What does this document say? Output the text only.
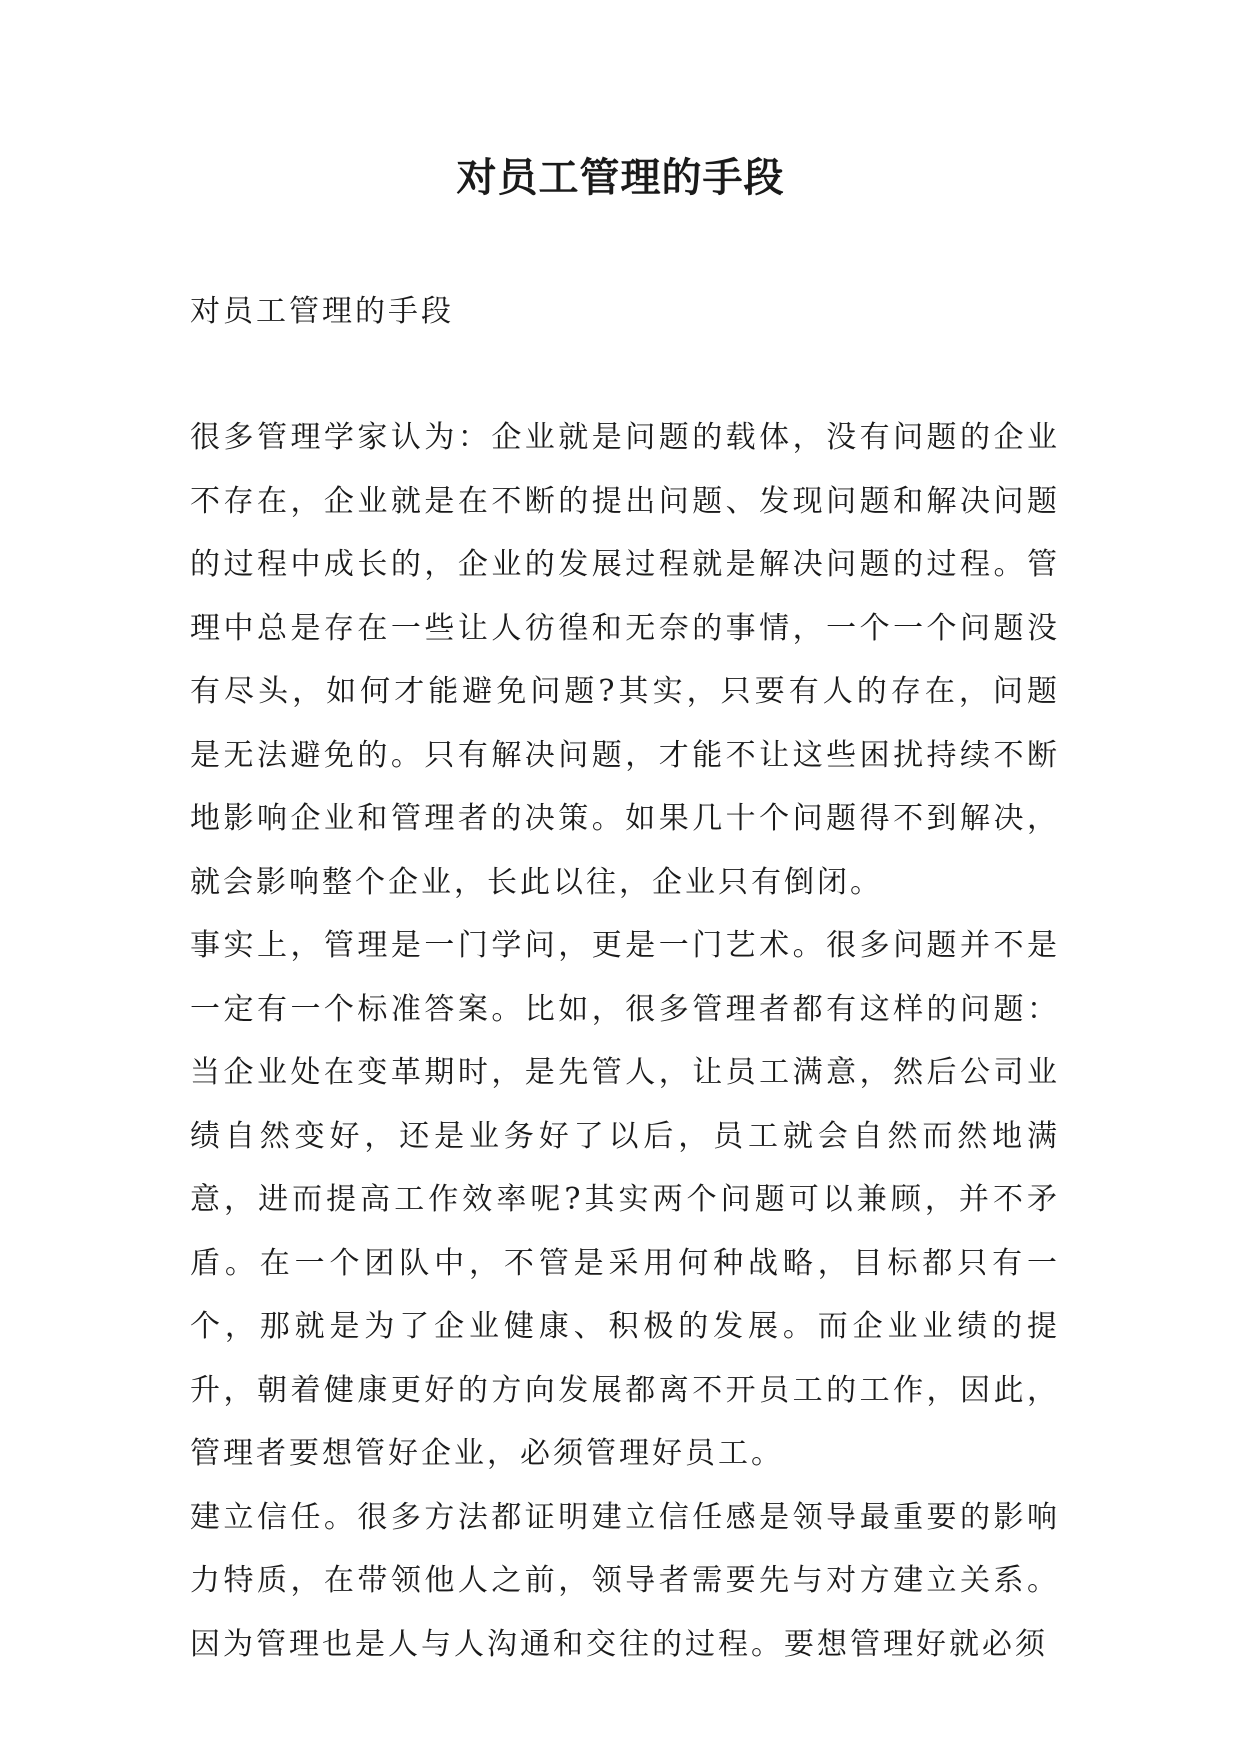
对员工管理的手段

对员工管理的手段

很多管理学家认为：企业就是问题的载体，没有问题的企业不存在，企业就是在不断的提出问题、发现问题和解决问题的过程中成长的，企业的发展过程就是解决问题的过程。管理中总是存在一些让人彷徨和无奈的事情，一个一个问题没有尽头，如何才能避免问题?其实，只要有人的存在，问题是无法避免的。只有解决问题，才能不让这些困扰持续不断地影响企业和管理者的决策。如果几十个问题得不到解决，就会影响整个企业，长此以往，企业只有倒闭。

事实上，管理是一门学问，更是一门艺术。很多问题并不是一定有一个标准答案。比如，很多管理者都有这样的问题：当企业处在变革期时，是先管人，让员工满意，然后公司业绩自然变好，还是业务好了以后，员工就会自然而然地满意，进而提高工作效率呢?其实两个问题可以兼顾，并不矛盾。在一个团队中，不管是采用何种战略，目标都只有一个，那就是为了企业健康、积极的发展。而企业业绩的提升，朝着健康更好的方向发展都离不开员工的工作，因此，管理者要想管好企业，必须管理好员工。

建立信任。很多方法都证明建立信任感是领导最重要的影响力特质，在带领他人之前，领导者需要先与对方建立关系。因为管理也是人与人沟通和交往的过程。要想管理好就必须
